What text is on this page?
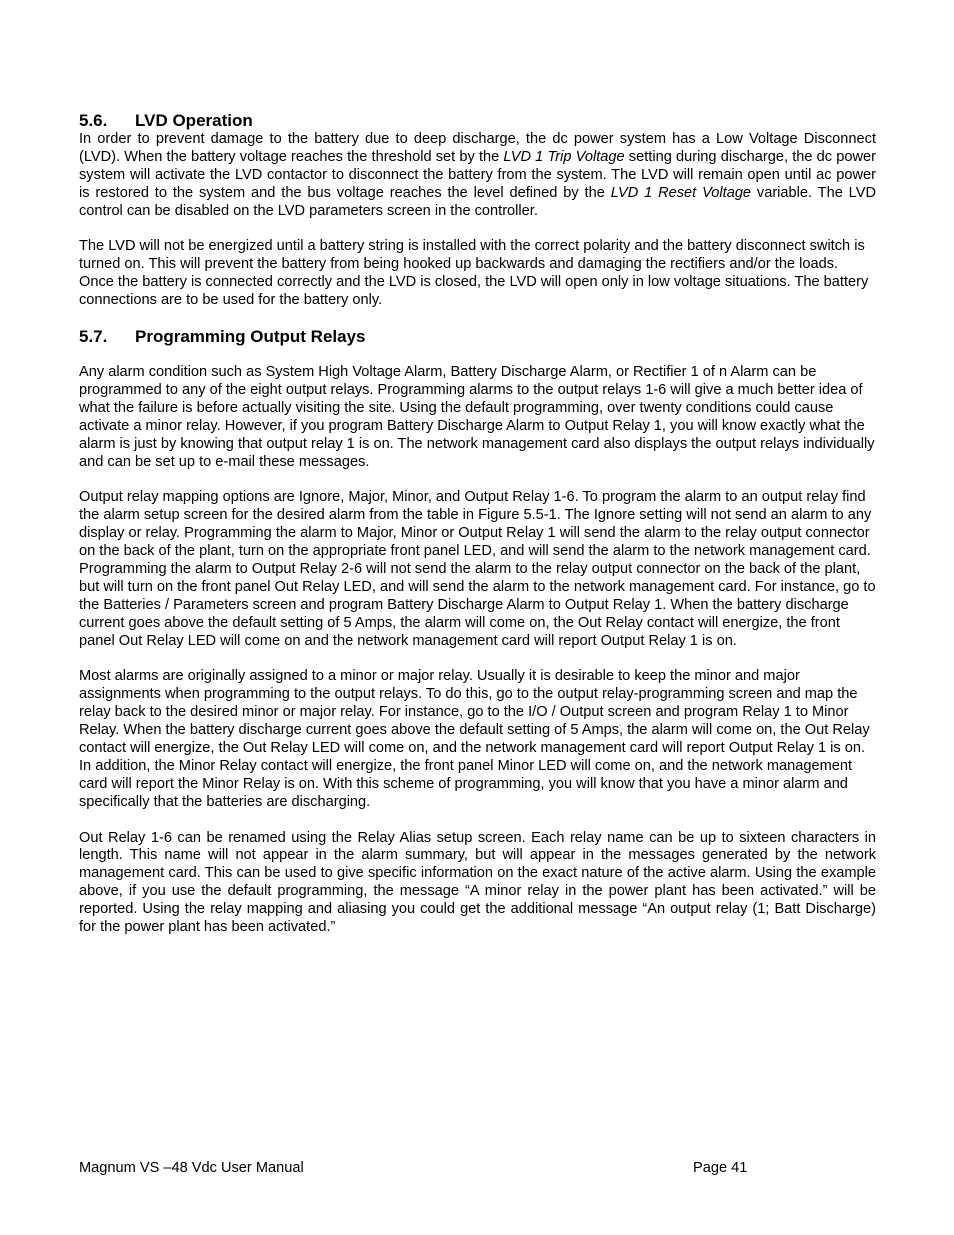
5.6. LVD Operation

In order to prevent damage to the battery due to deep discharge, the dc power system has a Low Voltage Disconnect (LVD). When the battery voltage reaches the threshold set by the LVD 1 Trip Voltage setting during discharge, the dc power system will activate the LVD contactor to disconnect the battery from the system. The LVD will remain open until ac power is restored to the system and the bus voltage reaches the level defined by the LVD 1 Reset Voltage variable. The LVD control can be disabled on the LVD parameters screen in the controller.

The LVD will not be energized until a battery string is installed with the correct polarity and the battery disconnect switch is turned on. This will prevent the battery from being hooked up backwards and damaging the rectifiers and/or the loads. Once the battery is connected correctly and the LVD is closed, the LVD will open only in low voltage situations. The battery connections are to be used for the battery only.

5.7. Programming Output Relays

Any alarm condition such as System High Voltage Alarm, Battery Discharge Alarm, or Rectifier 1 of n Alarm can be programmed to any of the eight output relays. Programming alarms to the output relays 1-6 will give a much better idea of what the failure is before actually visiting the site. Using the default programming, over twenty conditions could cause activate a minor relay. However, if you program Battery Discharge Alarm to Output Relay 1, you will know exactly what the alarm is just by knowing that output relay 1 is on. The network management card also displays the output relays individually and can be set up to e-mail these messages.

Output relay mapping options are Ignore, Major, Minor, and Output Relay 1-6. To program the alarm to an output relay find the alarm setup screen for the desired alarm from the table in Figure 5.5-1. The Ignore setting will not send an alarm to any display or relay. Programming the alarm to Major, Minor or Output Relay 1 will send the alarm to the relay output connector on the back of the plant, turn on the appropriate front panel LED, and will send the alarm to the network management card. Programming the alarm to Output Relay 2-6 will not send the alarm to the relay output connector on the back of the plant, but will turn on the front panel Out Relay LED, and will send the alarm to the network management card. For instance, go to the Batteries / Parameters screen and program Battery Discharge Alarm to Output Relay 1. When the battery discharge current goes above the default setting of 5 Amps, the alarm will come on, the Out Relay contact will energize, the front panel Out Relay LED will come on and the network management card will report Output Relay 1 is on.

Most alarms are originally assigned to a minor or major relay. Usually it is desirable to keep the minor and major assignments when programming to the output relays. To do this, go to the output relay-programming screen and map the relay back to the desired minor or major relay. For instance, go to the I/O / Output screen and program Relay 1 to Minor Relay. When the battery discharge current goes above the default setting of 5 Amps, the alarm will come on, the Out Relay contact will energize, the Out Relay LED will come on, and the network management card will report Output Relay 1 is on. In addition, the Minor Relay contact will energize, the front panel Minor LED will come on, and the network management card will report the Minor Relay is on. With this scheme of programming, you will know that you have a minor alarm and specifically that the batteries are discharging.

Out Relay 1-6 can be renamed using the Relay Alias setup screen. Each relay name can be up to sixteen characters in length. This name will not appear in the alarm summary, but will appear in the messages generated by the network management card. This can be used to give specific information on the exact nature of the active alarm. Using the example above, if you use the default programming, the message “A minor relay in the power plant has been activated.” will be reported. Using the relay mapping and aliasing you could get the additional message “An output relay (1; Batt Discharge) for the power plant has been activated.”

Magnum VS –48 Vdc User Manual	Page 41
